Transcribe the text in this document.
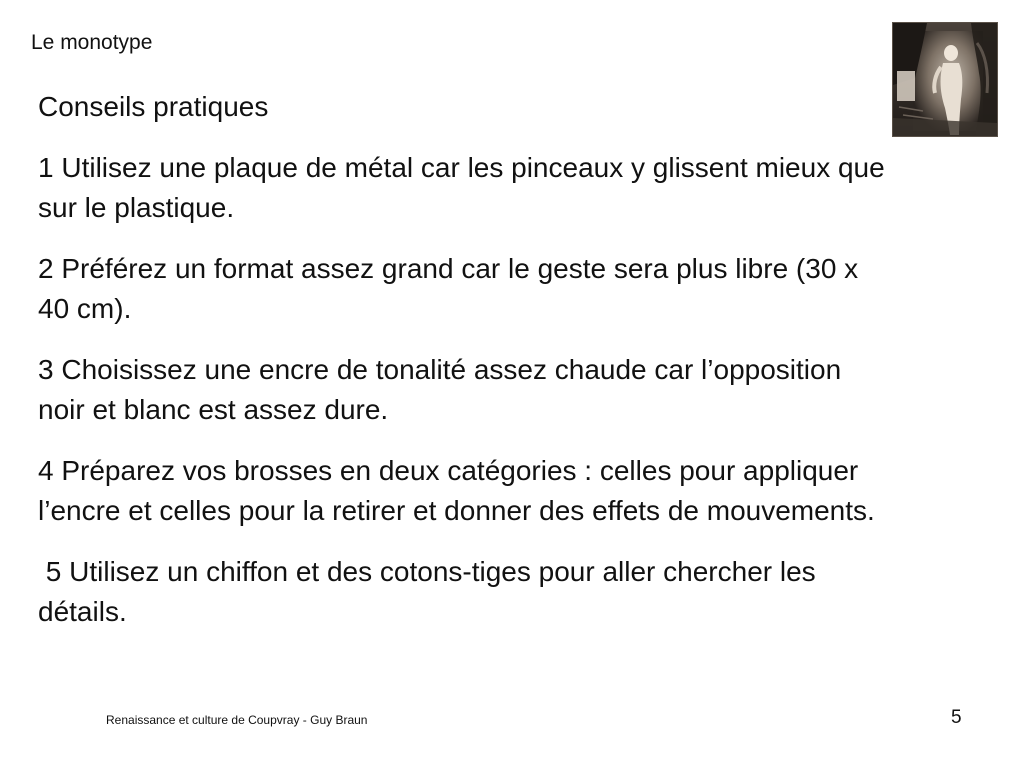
Le monotype

Conseils pratiques

1 Utilisez une plaque de métal car les pinceaux y glissent mieux que sur le plastique.

2 Préférez un format assez grand car le geste sera plus libre (30 x 40 cm).

3 Choisissez une encre de tonalité assez chaude car l’opposition noir et blanc est assez dure.

4 Préparez vos brosses en deux catégories : celles pour appliquer l’encre et celles pour la retirer et donner des effets de mouvements.

5 Utilisez un chiffon et des cotons-tiges pour aller chercher les détails.

Renaissance et culture de Coupvray - Guy Braun	5
